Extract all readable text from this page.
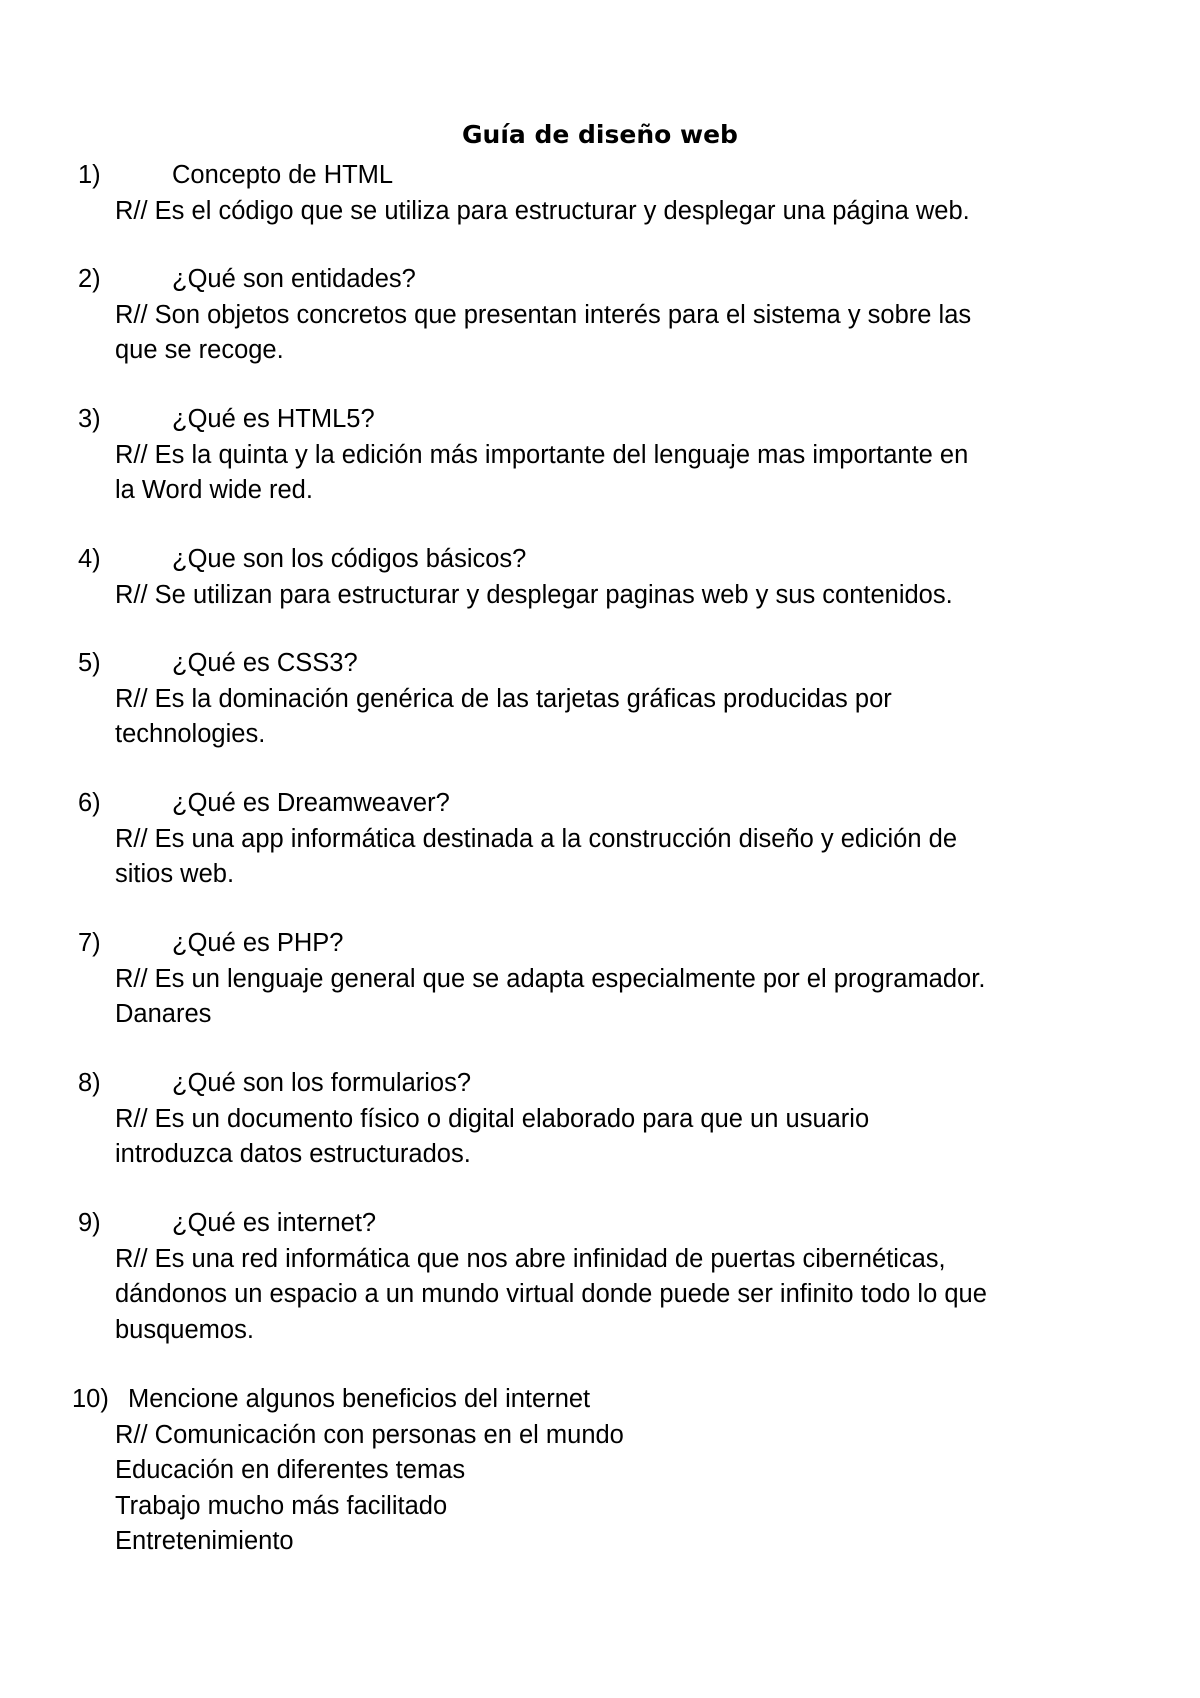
Guía de diseño web
1)	Concepto de HTML
R// Es el código que se utiliza para estructurar y desplegar una página web.
2)	¿Qué son entidades?
R// Son objetos concretos que presentan interés para el sistema y sobre las
que se recoge.
3)	¿Qué es HTML5?
R// Es la quinta y la edición más importante del lenguaje mas importante en
la Word wide red.
4)	¿Que son los códigos básicos?
R// Se utilizan para estructurar y desplegar paginas web y sus contenidos.
5)	¿Qué es CSS3?
R// Es la dominación genérica de las tarjetas gráficas producidas por
technologies.
6)	¿Qué es Dreamweaver?
R// Es una app informática destinada a la construcción diseño y edición de
sitios web.
7)	¿Qué es PHP?
R// Es un lenguaje general que se adapta especialmente por el programador.
Danares
8)	¿Qué son los formularios?
R// Es un documento físico o digital elaborado para que un usuario
introduzca datos estructurados.
9)	¿Qué es internet?
R// Es una red informática que nos abre infinidad de puertas cibernéticas,
dándonos un espacio a un mundo virtual donde puede ser infinito todo lo que
busquemos.
10) Mencione algunos beneficios del internet
R// Comunicación con personas en el mundo
Educación en diferentes temas
Trabajo mucho más facilitado
Entretenimiento
